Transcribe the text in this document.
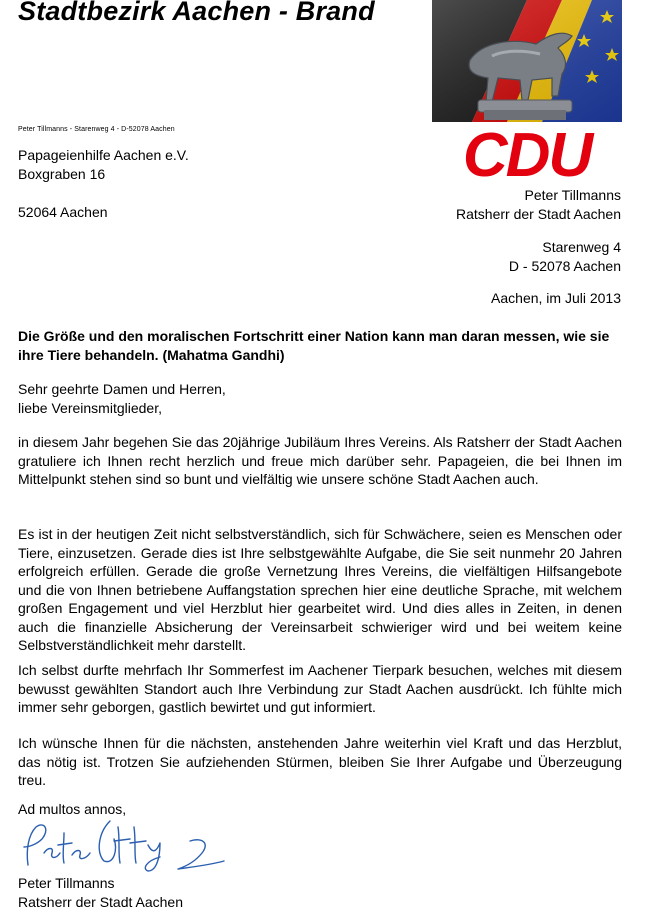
Stadtbezirk Aachen - Brand
CDU
Peter Tillmanns - Starenweg 4 - D-52078 Aachen
Papageienhilfe Aachen e.V.
Boxgraben 16
52064 Aachen
Peter Tillmanns
Ratsherr der Stadt Aachen
Starenweg 4
D - 52078 Aachen
Aachen, im Juli 2013
Die Größe und den moralischen Fortschritt einer Nation kann man daran messen, wie sie ihre Tiere behandeln. (Mahatma Gandhi)
Sehr geehrte Damen und Herren,
liebe Vereinsmitglieder,
in diesem Jahr begehen Sie das 20jährige Jubiläum Ihres Vereins. Als Ratsherr der Stadt Aachen gratuliere ich Ihnen recht herzlich und freue mich darüber sehr. Papageien, die bei Ihnen im Mittelpunkt stehen sind so bunt und vielfältig wie unsere schöne Stadt Aachen auch.
Es ist in der heutigen Zeit nicht selbstverständlich, sich für Schwächere, seien es Menschen oder Tiere, einzusetzen. Gerade dies ist Ihre selbstgewählte Aufgabe, die Sie seit nunmehr 20 Jahren erfolgreich erfüllen. Gerade die große Vernetzung Ihres Vereins, die vielfältigen Hilfsangebote und die von Ihnen betriebene Auffangstation sprechen hier eine deutliche Sprache, mit welchem großen Engagement und viel Herzblut hier gearbeitet wird. Und dies alles in Zeiten, in denen auch die finanzielle Absicherung der Vereinsarbeit schwieriger wird und bei weitem keine Selbstverständlichkeit mehr darstellt.
Ich selbst durfte mehrfach Ihr Sommerfest im Aachener Tierpark besuchen, welches mit diesem bewusst gewählten Standort auch Ihre Verbindung zur Stadt Aachen ausdrückt. Ich fühlte mich immer sehr geborgen, gastlich bewirtet und gut informiert.
Ich wünsche Ihnen für die nächsten, anstehenden Jahre weiterhin viel Kraft und das Herzblut, das nötig ist. Trotzen Sie aufziehenden Stürmen, bleiben Sie Ihrer Aufgabe und Überzeugung treu.
Ad multos annos,
Peter Tillmanns
Ratsherr der Stadt Aachen
